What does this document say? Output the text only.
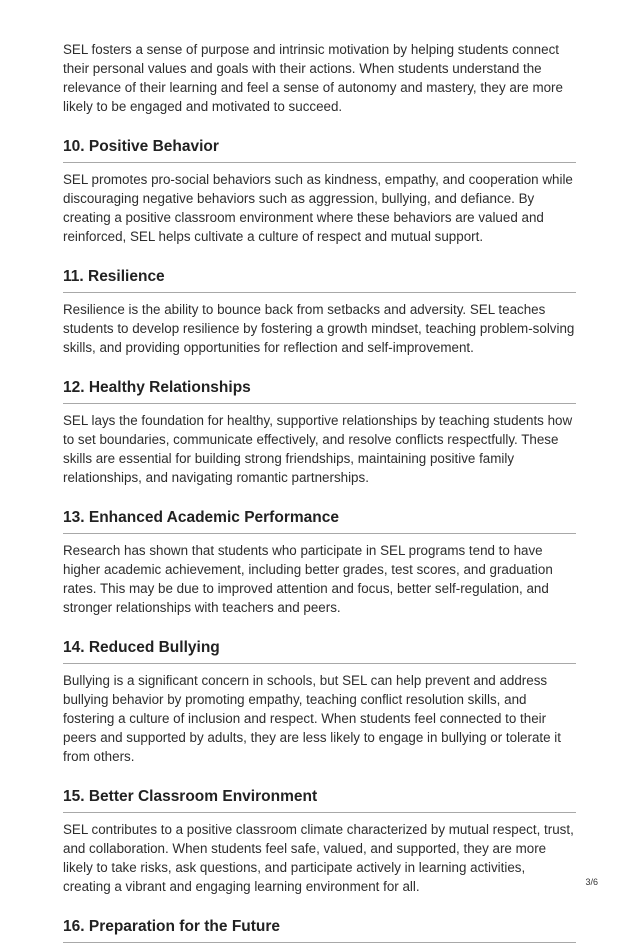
SEL fosters a sense of purpose and intrinsic motivation by helping students connect their personal values and goals with their actions. When students understand the relevance of their learning and feel a sense of autonomy and mastery, they are more likely to be engaged and motivated to succeed.

10. Positive Behavior

SEL promotes pro-social behaviors such as kindness, empathy, and cooperation while discouraging negative behaviors such as aggression, bullying, and defiance. By creating a positive classroom environment where these behaviors are valued and reinforced, SEL helps cultivate a culture of respect and mutual support.

11. Resilience

Resilience is the ability to bounce back from setbacks and adversity. SEL teaches students to develop resilience by fostering a growth mindset, teaching problem-solving skills, and providing opportunities for reflection and self-improvement.

12. Healthy Relationships

SEL lays the foundation for healthy, supportive relationships by teaching students how to set boundaries, communicate effectively, and resolve conflicts respectfully. These skills are essential for building strong friendships, maintaining positive family relationships, and navigating romantic partnerships.

13. Enhanced Academic Performance

Research has shown that students who participate in SEL programs tend to have higher academic achievement, including better grades, test scores, and graduation rates. This may be due to improved attention and focus, better self-regulation, and stronger relationships with teachers and peers.

14. Reduced Bullying

Bullying is a significant concern in schools, but SEL can help prevent and address bullying behavior by promoting empathy, teaching conflict resolution skills, and fostering a culture of inclusion and respect. When students feel connected to their peers and supported by adults, they are less likely to engage in bullying or tolerate it from others.

15. Better Classroom Environment

SEL contributes to a positive classroom climate characterized by mutual respect, trust, and collaboration. When students feel safe, valued, and supported, they are more likely to take risks, ask questions, and participate actively in learning activities, creating a vibrant and engaging learning environment for all.

16. Preparation for the Future
3/6
